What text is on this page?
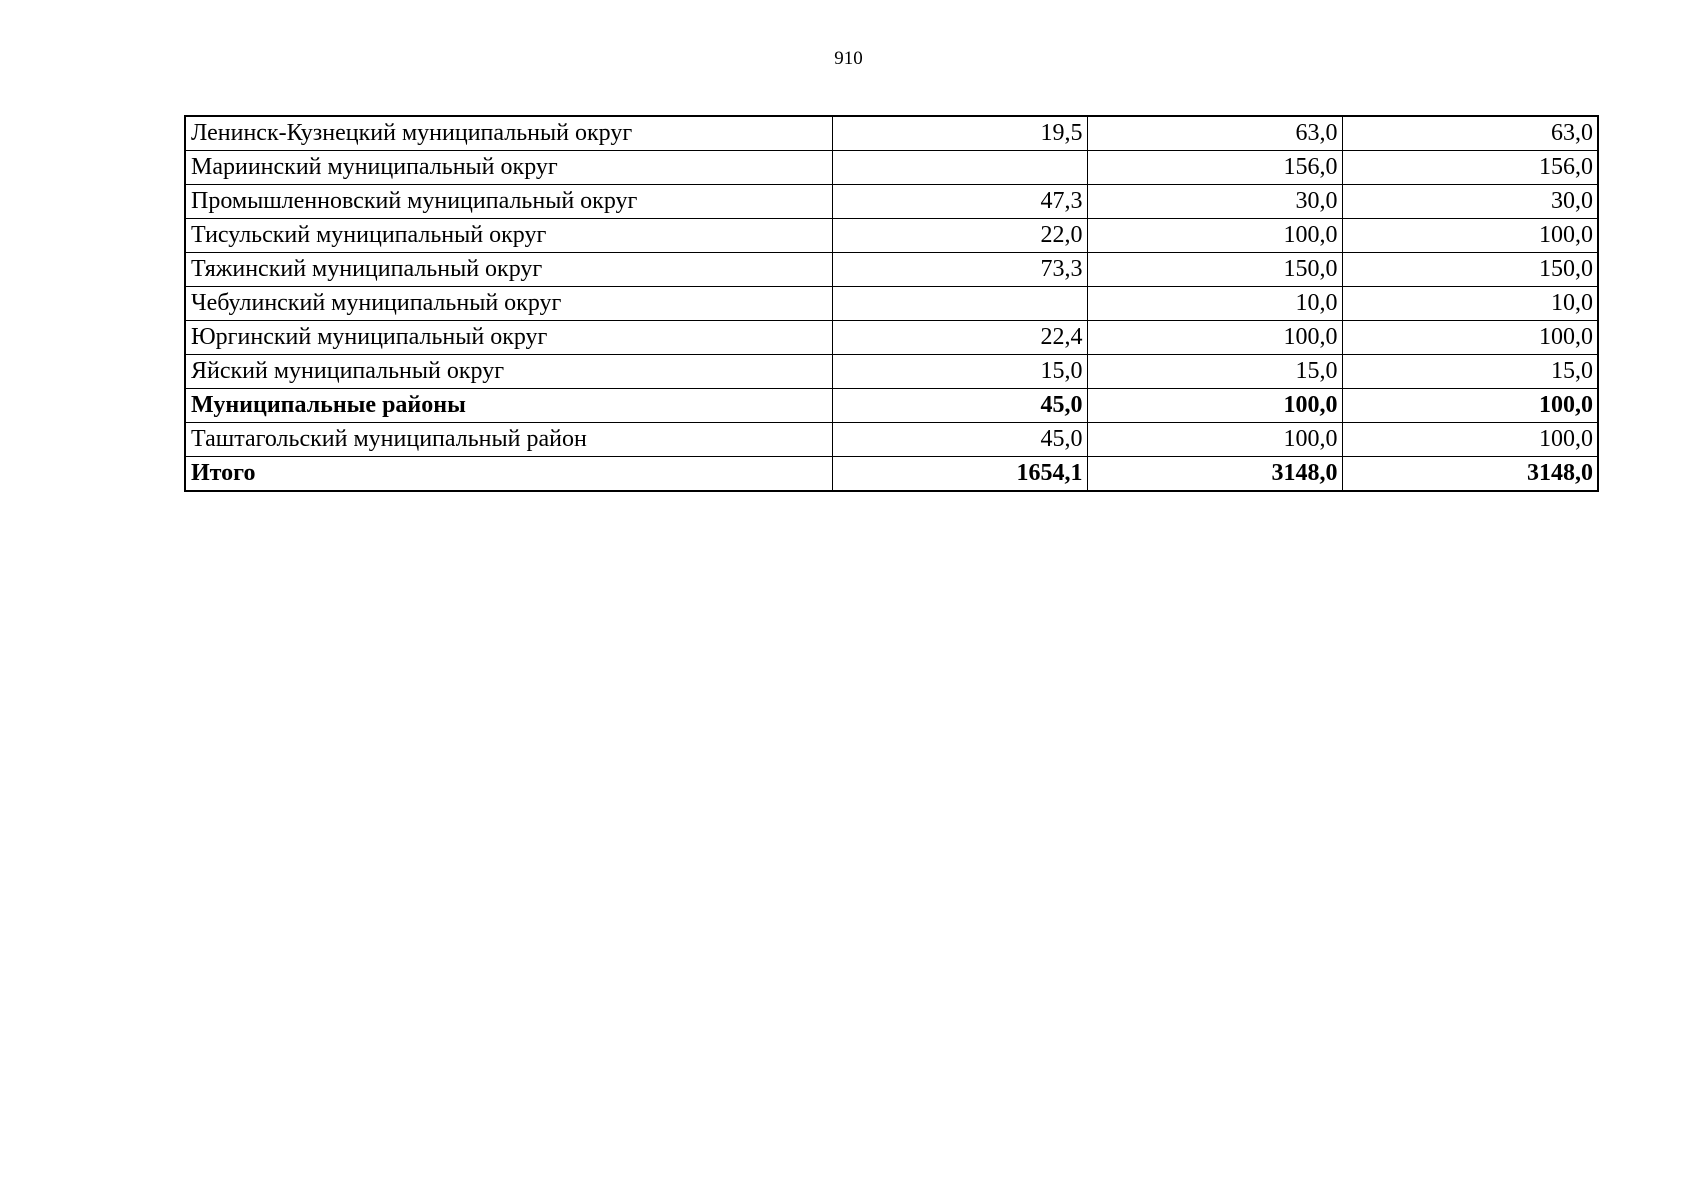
910
Ленинск-Кузнецкий муниципальный округ	19,5	63,0	63,0
Мариинский муниципальный округ		156,0	156,0
Промышленновский муниципальный округ	47,3	30,0	30,0
Тисульский муниципальный округ	22,0	100,0	100,0
Тяжинский муниципальный округ	73,3	150,0	150,0
Чебулинский муниципальный округ		10,0	10,0
Юргинский муниципальный округ	22,4	100,0	100,0
Яйский муниципальный округ	15,0	15,0	15,0
Муниципальные районы	45,0	100,0	100,0
Таштагольский муниципальный район	45,0	100,0	100,0
Итого	1654,1	3148,0	3148,0
